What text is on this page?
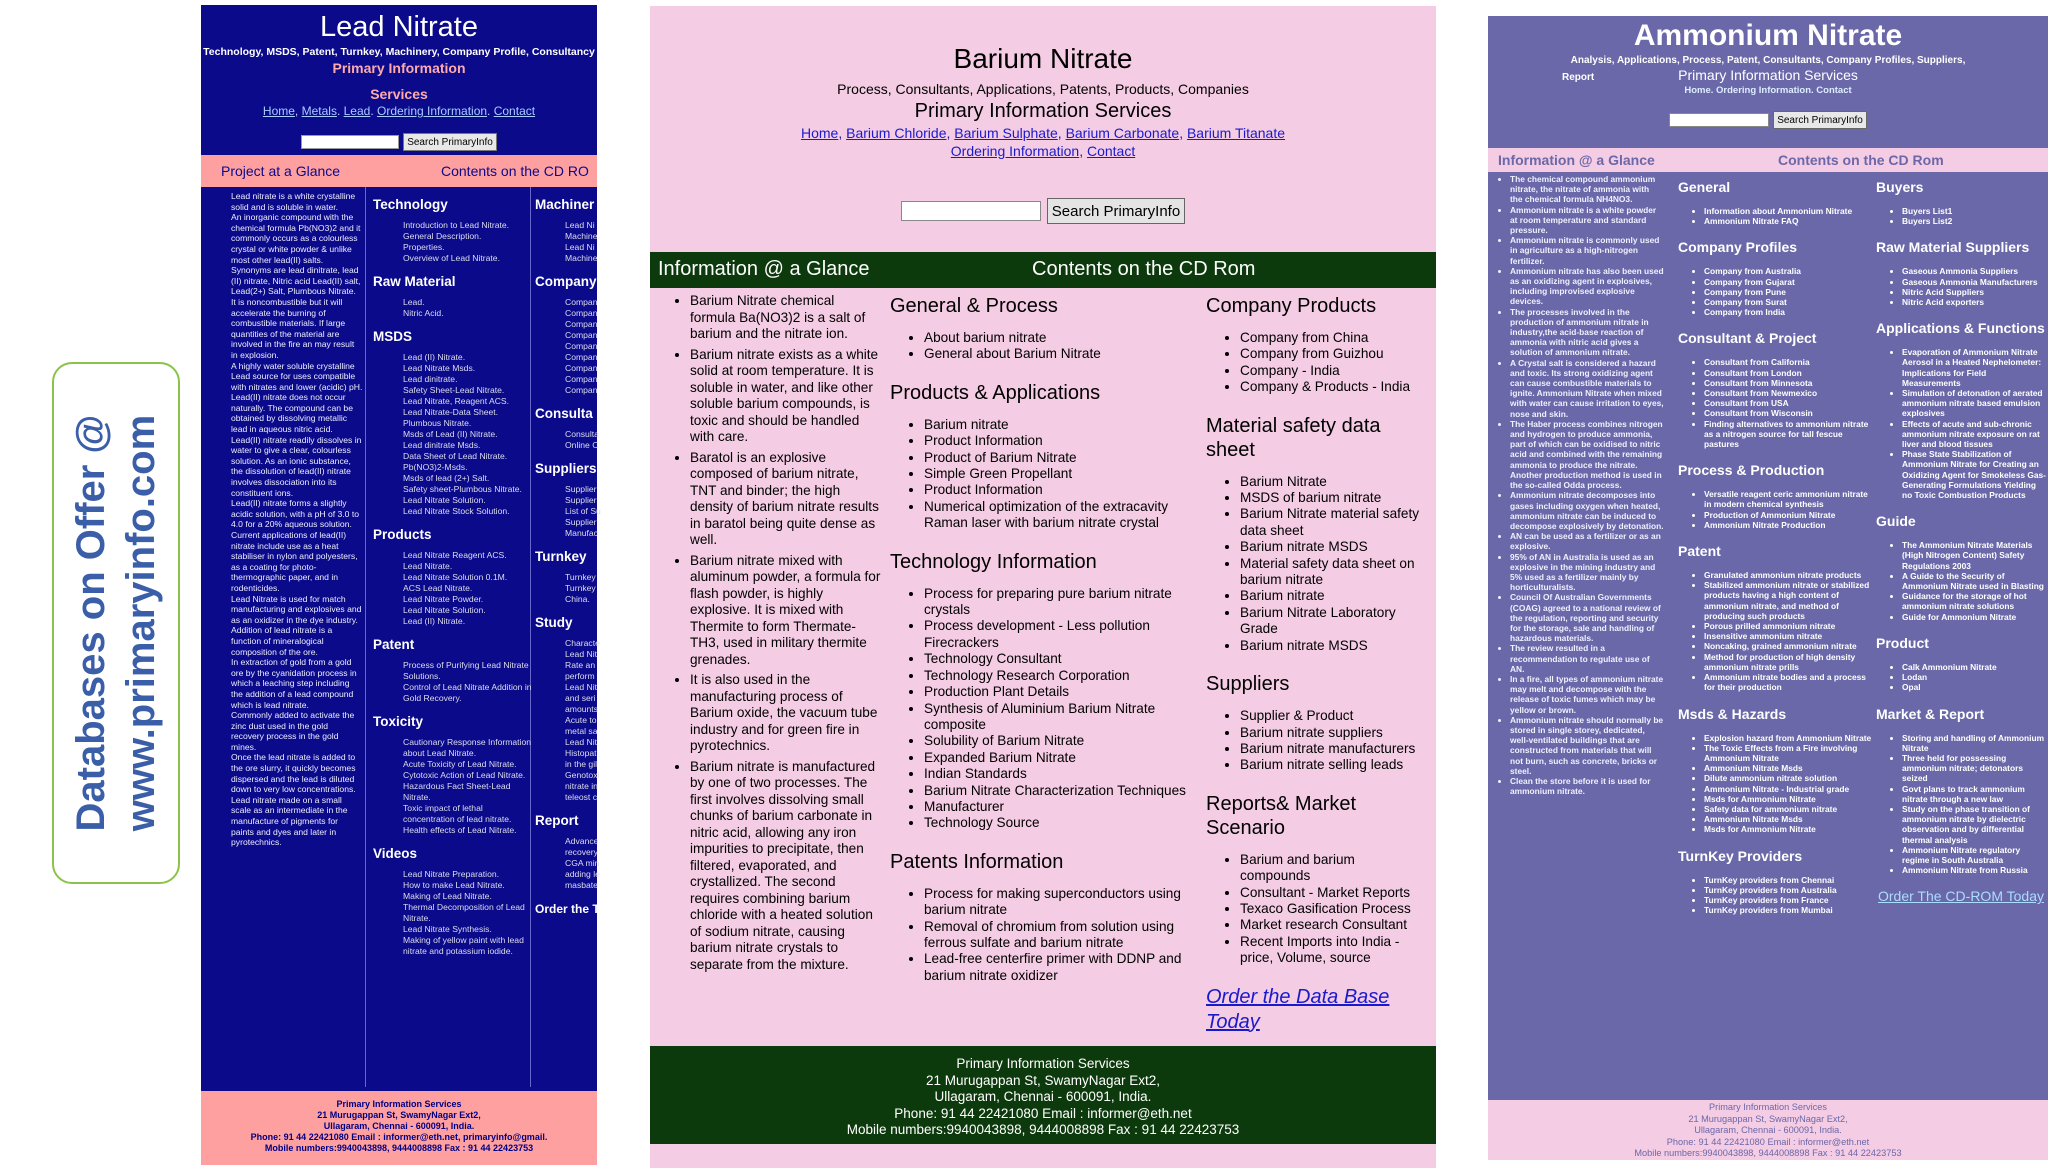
Databases on Offer @ www.primaryinfo.com
Lead Nitrate
Technology, MSDS, Patent, Turnkey, Machinery, Company Profile, Consultancy
Primary Information
Services
Home, Metals. Lead. Ordering Information. Contact
Search PrimaryInfo
Project at a Glance	Contents on the CD RO
Lead nitrate is a white crystalline solid and is soluble in water.
An inorganic compound with the chemical formula Pb(NO3)2 and it commonly occurs as a colourless crystal or white powder & unlike most other lead(II) salts.
Synonyms are lead dinitrate, lead (II) nitrate, Nitric acid Lead(II) salt, Lead(2+) Salt, Plumbous Nitrate.
It is noncombustible but it will accelerate the burning of combustible materials. If large quantities of the material are involved in the fire an may result in explosion.
A highly water soluble crystalline Lead source for uses compatible with nitrates and lower (acidic) pH.
Lead(II) nitrate does not occur naturally. The compound can be obtained by dissolving metallic lead in aqueous nitric acid.
Lead(II) nitrate readily dissolves in water to give a clear, colourless solution. As an ionic substance, the dissolution of lead(II) nitrate involves dissociation into its constituent ions.
Lead(II) nitrate forms a slightly acidic solution, with a pH of 3.0 to 4.0 for a 20% aqueous solution.
Current applications of lead(II) nitrate include use as a heat stabiliser in nylon and polyesters, as a coating for photo-thermographic paper, and in rodenticides.
Lead Nitrate is used for match manufacturing and explosives and as an oxidizer in the dye industry.
Addition of lead nitrate is a function of mineralogical composition of the ore.
In extraction of gold from a gold ore by the cyanidation process in which a leaching step including the addition of a lead compound which is lead nitrate.
Commonly added to activate the zinc dust used in the gold recovery process in the gold mines.
Once the lead nitrate is added to the ore slurry, it quickly becomes dispersed and the lead is diluted down to very low concentrations.
Lead nitrate made on a small scale as an intermediate in the manufacture of pigments for paints and dyes and later in pyrotechnics.
Technology
Introduction to Lead Nitrate.
General Description.
Properties.
Overview of Lead Nitrate.
Raw Material
Lead.
Nitric Acid.
MSDS
Lead (II) Nitrate.
Lead Nitrate Msds.
Lead dinitrate.
Safety Sheet-Lead Nitrate.
Lead Nitrate, Reagent ACS.
Lead Nitrate-Data Sheet.
Plumbous Nitrate.
Msds of Lead (II) Nitrate.
Lead dinitrate Msds.
Data Sheet of Lead Nitrate.
Pb(NO3)2-Msds.
Msds of lead (2+) Salt.
Safety sheet-Plumbous Nitrate.
Lead Nitrate Solution.
Lead Nitrate Stock Solution.
Products
Lead Nitrate Reagent ACS.
Lead Nitrate.
Lead Nitrate Solution 0.1M.
ACS Lead Nitrate.
Lead Nitrate Powder.
Lead Nitrate Solution.
Lead (II) Nitrate.
Patent
Process of Purifying Lead Nitrate Solutions.
Control of Lead Nitrate Addition in Gold Recovery.
Toxicity
Cautionary Response Information about Lead Nitrate.
Acute Toxicity of Lead Nitrate.
Cytotoxic Action of Lead Nitrate.
Hazardous Fact Sheet-Lead Nitrate.
Toxic impact of lethal concentration of lead nitrate.
Health effects of Lead Nitrate.
Videos
Lead Nitrate Preparation.
How to make Lead Nitrate.
Making of Lead Nitrate.
Thermal Decomposition of Lead Nitrate.
Lead Nitrate Synthesis.
Making of yellow paint with lead nitrate and potassium iodide.
Machiner
Lead Ni
Machine
Lead Ni
Machine
Company
Compan
Compan
Compan
Compan
Compan
Compan
Compan
Compan
Compan
Consulta
Consulta
Online C
Suppliers
Supplier
Supplier
List of Su
Supplier
Manufac
Turnkey
Turnkey
Turnkey
China.
Study
Characte
Lead Nit
Rate an
perform
Lead Nit
and seri
amounts
Acute to
metal sa
Lead Nit
Histopat
in the gil
Genotoxi
nitrate in
teleost c
Report
Advance
recovery
CGA min
adding le
masbate
Order the Today
Primary Information Services
21 Murugappan St, SwamyNagar Ext2,
Ullagaram, Chennai - 600091, India.
Phone: 91 44 22421080 Email : informer@eth.net, primaryinfo@gmail.
Mobile numbers:9940043898, 9444008898 Fax : 91 44 22423753
Barium Nitrate
Process, Consultants, Applications, Patents, Products, Companies
Primary Information Services
Home, Barium Chloride, Barium Sulphate, Barium Carbonate, Barium Titanate
Ordering Information, Contact
Search PrimaryInfo
Information @ a Glance	Contents on the CD Rom
• Barium Nitrate chemical formula Ba(NO3)2 is a salt of barium and the nitrate ion.
• Barium nitrate exists as a white solid at room temperature. It is soluble in water, and like other soluble barium compounds, is toxic and should be handled with care.
• Baratol is an explosive composed of barium nitrate, TNT and binder; the high density of barium nitrate results in baratol being quite dense as well.
• Barium nitrate mixed with aluminum powder, a formula for flash powder, is highly explosive. It is mixed with Thermite to form Thermate-TH3, used in military thermite grenades.
• It is also used in the manufacturing process of Barium oxide, the vacuum tube industry and for green fire in pyrotechnics.
• Barium nitrate is manufactured by one of two processes. The first involves dissolving small chunks of barium carbonate in nitric acid, allowing any iron impurities to precipitate, then filtered, evaporated, and crystallized. The second requires combining barium chloride with a heated solution of sodium nitrate, causing barium nitrate crystals to separate from the mixture.
General & Process
• About barium nitrate
• General about Barium Nitrate
Products & Applications
• Barium nitrate
• Product Information
• Product of Barium Nitrate
• Simple Green Propellant
• Product Information
• Numerical optimization of the extracavity Raman laser with barium nitrate crystal
Technology Information
• Process for preparing pure barium nitrate crystals
• Process development - Less pollution Firecrackers
• Technology Consultant
• Technology Research Corporation
• Production Plant Details
• Synthesis of Aluminium Barium Nitrate composite
• Solubility of Barium Nitrate
• Expanded Barium Nitrate
• Indian Standards
• Barium Nitrate Characterization Techniques
• Manufacturer
• Technology Source
Patents Information
• Process for making superconductors using barium nitrate
• Removal of chromium from solution using ferrous sulfate and barium nitrate
• Lead-free centerfire primer with DDNP and barium nitrate oxidizer
Company Products
• Company from China
• Company from Guizhou
• Company - India
• Company & Products - India
Material safety data sheet
• Barium Nitrate
• MSDS of barium nitrate
• Barium Nitrate material safety data sheet
• Barium nitrate MSDS
• Material safety data sheet on barium nitrate
• Barium nitrate
• Barium Nitrate Laboratory Grade
• Barium nitrate MSDS
Suppliers
• Supplier & Product
• Barium nitrate suppliers
• Barium nitrate manufacturers
• Barium nitrate selling leads
Reports& Market Scenario
• Barium and barium compounds
• Consultant - Market Reports
• Texaco Gasification Process
• Market research Consultant
• Recent Imports into India - price, Volume, source
Order the Data Base Today
Primary Information Services
21 Murugappan St, SwamyNagar Ext2,
Ullagaram, Chennai - 600091, India.
Phone: 91 44 22421080 Email : informer@eth.net
Mobile numbers:9940043898, 9444008898 Fax : 91 44 22423753
Report
Ammonium Nitrate
Analysis, Applications, Process, Patent, Consultants, Company Profiles, Suppliers,
Primary Information Services
Home. Ordering Information. Contact
Search PrimaryInfo
Information @ a Glance	Contents on the CD Rom
• The chemical compound ammonium nitrate, the nitrate of ammonia with the chemical formula NH4NO3.
• Ammonium nitrate is a white powder at room temperature and standard pressure.
• Ammonium nitrate is commonly used in agriculture as a high-nitrogen fertilizer.
• Ammonium nitrate has also been used as an oxidizing agent in explosives, including improvised explosive devices.
• The processes involved in the production of ammonium nitrate in industry,the acid-base reaction of ammonia with nitric acid gives a solution of ammonium nitrate.
• A Crystal salt is considered a hazard and toxic. Its strong oxidizing agent can cause combustible materials to ignite. Ammonium Nitrate when mixed with water can cause irritation to eyes, nose and skin.
• The Haber process combines nitrogen and hydrogen to produce ammonia, part of which can be oxidised to nitric acid and combined with the remaining ammonia to produce the nitrate. Another production method is used in the so-called Odda process.
• Ammonium nitrate decomposes into gases including oxygen when heated, ammonium nitrate can be induced to decompose explosively by detonation.
• AN can be used as a fertilizer or as an explosive.
• 95% of AN in Australia is used as an explosive in the mining industry and 5% used as a fertilizer mainly by horticulturalists.
• Council Of Australian Governments (COAG) agreed to a national review of the regulation, reporting and security for the storage, sale and handling of hazardous materials.
• The review resulted in a recommendation to regulate use of AN.
• In a fire, all types of ammonium nitrate may melt and decompose with the release of toxic fumes which may be yellow or brown.
• Ammonium nitrate should normally be stored in single storey, dedicated, well-ventilated buildings that are constructed from materials that will not burn, such as concrete, bricks or steel.
• Clean the store before it is used for ammonium nitrate.
General
• Information about Ammonium Nitrate
• Ammonium Nitrate FAQ
Company Profiles
• Company from Australia
• Company from Gujarat
• Company from Pune
• Company from Surat
• Company from India
Consultant & Project
• Consultant from California
• Consultant from London
• Consultant from Minnesota
• Consultant from Newmexico
• Consultant from USA
• Consultant from Wisconsin
• Finding alternatives to ammonium nitrate as a nitrogen source for tall fescue pastures
Process & Production
• Versatile reagent ceric ammonium nitrate in modern chemical synthesis
• Production of Ammonium Nitrate
• Ammonium Nitrate Production
Patent
• Granulated ammonium nitrate products
• Stabilized ammonium nitrate or stabilized products having a high content of ammonium nitrate, and method of producing such products
• Porous prilled ammonium nitrate
• Insensitive ammonium nitrate
• Noncaking, grained ammonium nitrate
• Method for production of high density ammonium nitrate prills
• Ammonium nitrate bodies and a process for their production
Msds & Hazards
• Explosion hazard from Ammonium Nitrate
• The Toxic Effects from a Fire involving Ammonium Nitrate
• Ammonium Nitrate Msds
• Dilute ammonium nitrate solution
• Ammonium Nitrate - Industrial grade
• Msds for Ammonium Nitrate
• Safety data for ammonium nitrate
• Ammonium Nitrate Msds
• Msds for Ammonium Nitrate
TurnKey Providers
• TurnKey providers from Chennai
• TurnKey providers from Australia
• TurnKey providers from France
• TurnKey providers from Mumbai
Buyers
• Buyers List1
• Buyers List2
Raw Material Suppliers
• Gaseous Ammonia Suppliers
• Gaseous Ammonia Manufacturers
• Nitric Acid Suppliers
• Nitric Acid exporters
Applications & Functions
• Evaporation of Ammonium Nitrate Aerosol in a Heated Nephelometer: Implications for Field Measurements
• Simulation of detonation of aerated ammonium nitrate based emulsion explosives
• Effects of acute and sub-chronic ammonium nitrate exposure on rat liver and blood tissues
• Phase State Stabilization of Ammonium Nitrate for Creating an Oxidizing Agent for Smokeless Gas-Generating Formulations Yielding no Toxic Combustion Products
Guide
• The Ammonium Nitrate Materials (High Nitrogen Content) Safety Regulations 2003
• A Guide to the Security of Ammonium Nitrate used in Blasting
• Guidance for the storage of hot ammonium nitrate solutions
• Guide for Ammonium Nitrate
Product
• Calk Ammonium Nitrate
• Lodan
• Opal
Market & Report
• Storing and handling of Ammonium Nitrate
• Three held for possessing ammonium nitrate; detonators seized
• Govt plans to track ammonium nitrate through a new law
• Study on the phase transition of ammonium nitrate by dielectric observation and by differential thermal analysis
• Ammonium Nitrate regulatory regime in South Australia
• Ammonium Nitrate from Russia
Order The CD-ROM Today
Primary Information Services
21 Murugappan St, SwamyNagar Ext2,
Ullagaram, Chennai - 600091, India.
Phone: 91 44 22421080 Email : informer@eth.net
Mobile numbers:9940043898, 9444008898 Fax : 91 44 22423753
